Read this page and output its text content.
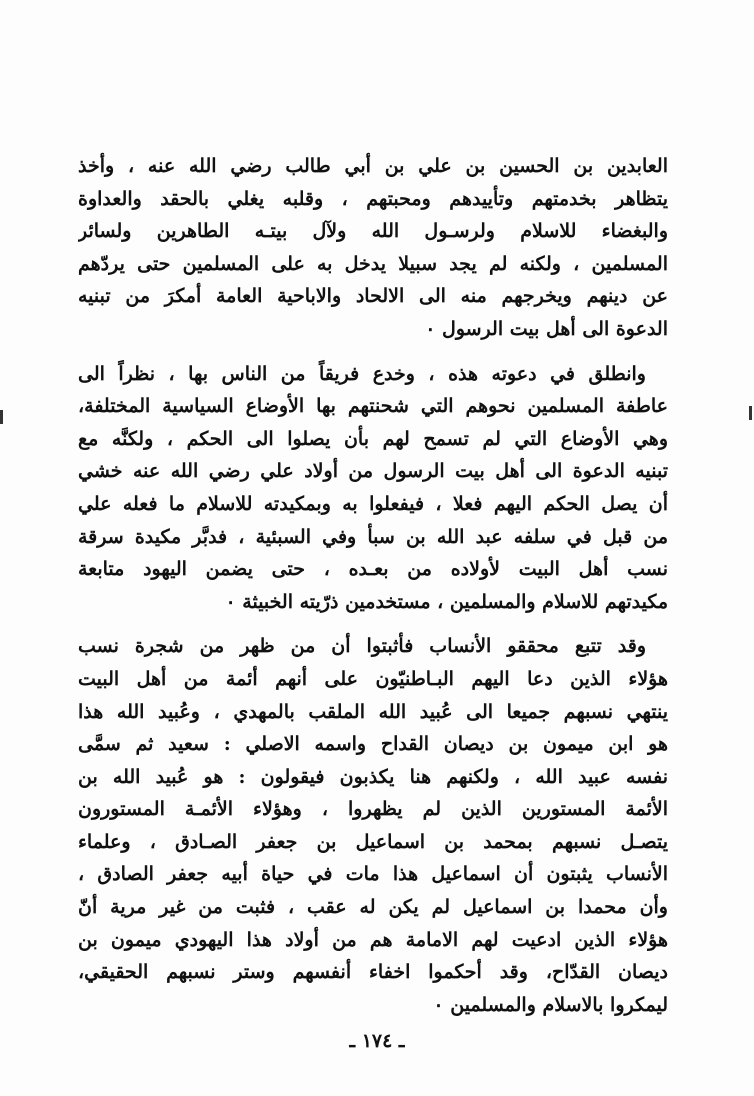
العابدين بن الحسين بن علي بن أبي طالب رضي الله عنه ، وأخذ
يتظاهر بخدمتهم وتأييدهم ومحبتهم ، وقلبه يغلي بالحقد والعداوة
والبغضاء للاسلام ولرسـول الله ولآل بيتـه الطاهرين ولسائر
المسلمين ، ولكنه لم يجد سبيلا يدخل به على المسلمين حتى يردّهم
عن دينهم ويخرجهم منه الى الالحاد والاباحية العامة أمكرَ من تبنيه
الدعوة الى أهل بيت الرسول ٠
وانطلق في دعوته هذه ، وخدع فريقاً من الناس بها ، نظراً الى
عاطفة المسلمين نحوهم التي شحنتهم بها الأوضاع السياسية المختلفة،
وهي الأوضاع التي لم تسمح لهم بأن يصلوا الى الحكم ، ولكنَّه مع
تبنيه الدعوة الى أهل بيت الرسول من أولاد علي رضي الله عنه خشي
أن يصل الحكم اليهم فعلا ، فيفعلوا به وبمكيدته للاسلام ما فعله علي
من قبل في سلفه عبد الله بن سبأ وفي السبئية ، فدبَّر مكيدة سرقة
نسب أهل البيت لأولاده من بعـده ، حتى يضمن اليهود متابعة
مكيدتهم للاسلام والمسلمين ، مستخدمين ذرّيته الخبيثة ٠
وقد تتبع محققو الأنساب فأثبتوا أن من ظهر من شجرة نسب
هؤلاء الذين دعا اليهم البـاطنيّون على أنهم أئمة من أهل البيت
ينتهي نسبهم جميعا الى عُبيد الله الملقب بالمهدي ، وعُبيد الله هذا
هو ابن ميمون بن ديصان القداح واسمه الاصلي : سعيد ثم سمَّى
نفسه عبيد الله ، ولكنهم هنا يكذبون فيقولون : هو عُبيد الله بن
الأئمة المستورين الذين لم يظهروا ، وهؤلاء الأئمـة المستورون
يتصـل نسبهم بمحمد بن اسماعيل بن جعفر الصـادق ، وعلماء
الأنساب يثبتون أن اسماعيل هذا مات في حياة أبيه جعفر الصادق ،
وأن محمدا بن اسماعيل لم يكن له عقب ، فثبت من غير مرية أنّ
هؤلاء الذين ادعيت لهم الامامة هم من أولاد هذا اليهودي ميمون بن
ديصان القدّاح، وقد أحكموا اخفاء أنفسهم وستر نسبهم الحقيقي،
ليمكروا بالاسلام والمسلمين ٠
ـ ١٧٤ ـ
